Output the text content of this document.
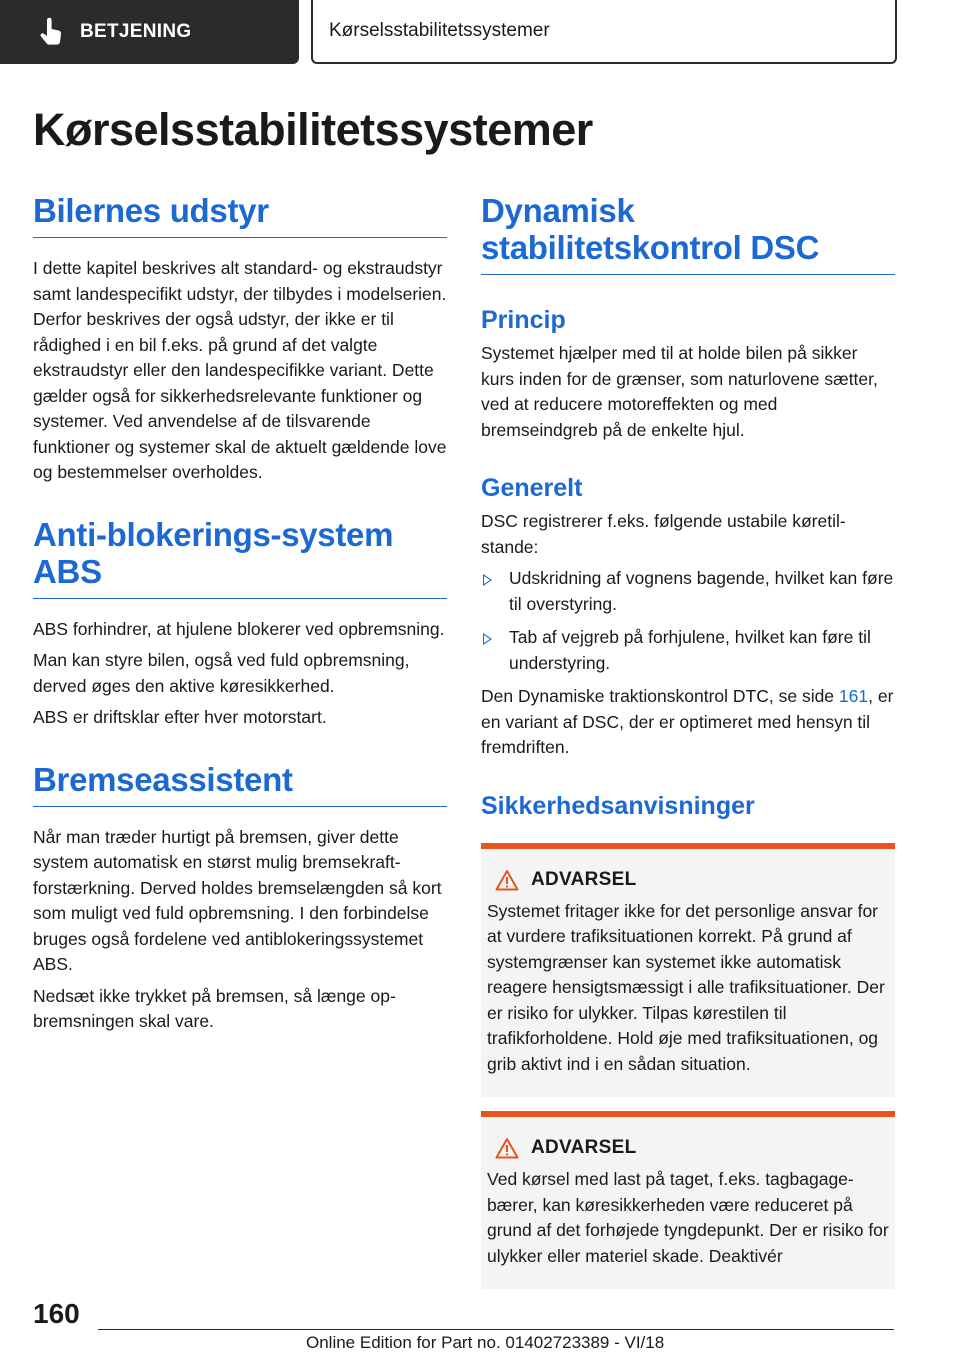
BETJENING	Kørselsstabilitetssystemer
Kørselsstabilitetssystemer
Bilernes udstyr

I dette kapitel beskrives alt standard- og ekstraudstyr samt landespecifikt udstyr, der tilbydes i modelserien. Derfor beskrives der også udstyr, der ikke er til rådighed i en bil f.eks. på grund af det valgte ekstraudstyr eller den landespecifikke variant. Dette gælder også for sikkerhedsrelevante funktioner og systemer. Ved anvendelse af de tilsvarende funktioner og systemer skal de aktuelt gældende love og bestemmelser overholdes.

Anti-blokerings-system ABS

ABS forhindrer, at hjulene blokerer ved opbremsning.

Man kan styre bilen, også ved fuld opbremsning, derved øges den aktive køresikkerhed.

ABS er driftsklar efter hver motorstart.

Bremseassistent

Når man træder hurtigt på bremsen, giver dette system automatisk en størst mulig bremsekraftforstærkning. Derved holdes bremselængden så kort som muligt ved fuld opbremsning. I den forbindelse bruges også fordelene ved antiblokeringssystemet ABS.

Nedsæt ikke trykket på bremsen, så længe opbremsningen skal vare.

Dynamisk stabilitetskontrol DSC
Princip

Systemet hjælper med til at holde bilen på sikker kurs inden for de grænser, som naturlovene sætter, ved at reducere motoreffekten og med bremseindgreb på de enkelte hjul.

Generelt

DSC registrerer f.eks. følgende ustabile køretilstande:

Udskridning af vognens bagende, hvilket kan føre til overstyring.
Tab af vejgreb på forhjulene, hvilket kan føre til understyring.

Den Dynamiske traktionskontrol DTC, se side 161, er en variant af DSC, der er optimeret med hensyn til fremdriften.

Sikkerhedsanvisninger
ADVARSEL

Systemet fritager ikke for det personlige ansvar for at vurdere trafiksituationen korrekt. På grund af systemgrænser kan systemet ikke automatisk reagere hensigtsmæssigt i alle trafiksituationer. Der er risiko for ulykker. Tilpas kørestilen til trafikforholdene. Hold øje med trafiksituationen, og grib aktivt ind i en sådan situation.

ADVARSEL

Ved kørsel med last på taget, f.eks. tagbagagebærer, kan køresikkerheden være reduceret på grund af det forhøjede tyngdepunkt. Der er risiko for ulykker eller materiel skade. Deaktivér

160
Online Edition for Part no. 01402723389 - VI/18
